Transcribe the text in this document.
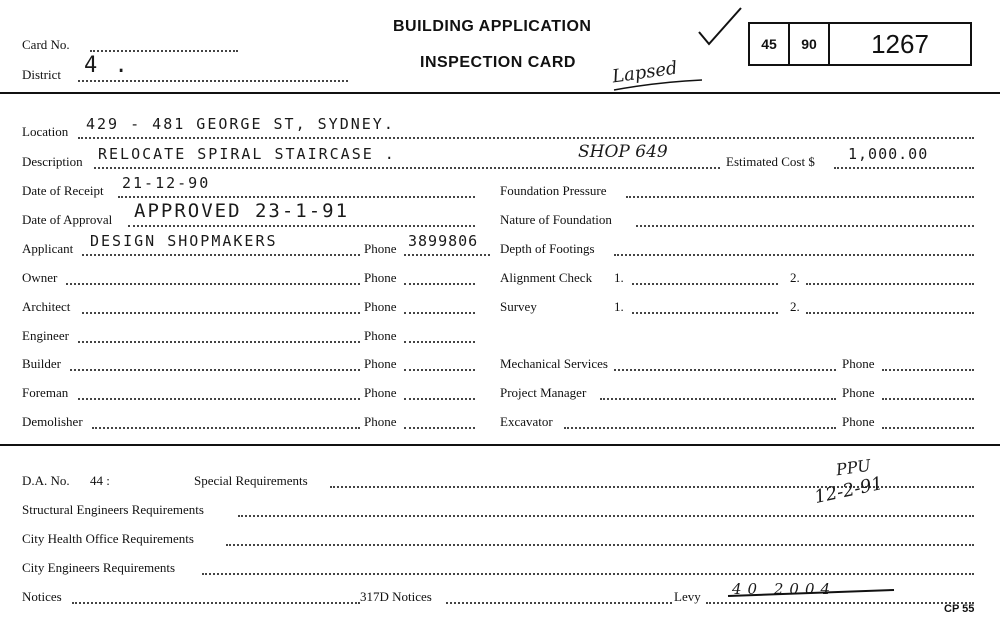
Card No.
District 4 .
BUILDING APPLICATION
INSPECTION CARD Lapsed
45	90	1267
Location 429 - 481 GEORGE ST, SYDNEY.
Description RELOCATE SPIRAL STAIRCASE .	SHOP 649	Estimated Cost $ 1,000.00
Date of Receipt 21-12-90
Date of Approval APPROVED 23-1-91
Applicant DESIGN SHOPMAKERS	Phone 3899806
Owner	Phone
Architect	Phone
Engineer	Phone
Builder	Phone
Foreman	Phone
Demolisher	Phone
Foundation Pressure
Nature of Foundation
Depth of Footings
Alignment Check 1.	2.
Survey	1.	2.
Mechanical Services	Phone
Project Manager	Phone
Excavator	Phone
D.A. No. 44 :	Special Requirements
PPU
12-2-91
Structural Engineers Requirements
City Health Office Requirements
City Engineers Requirements
Notices	317D Notices	Levy 40 2004
CP 55
